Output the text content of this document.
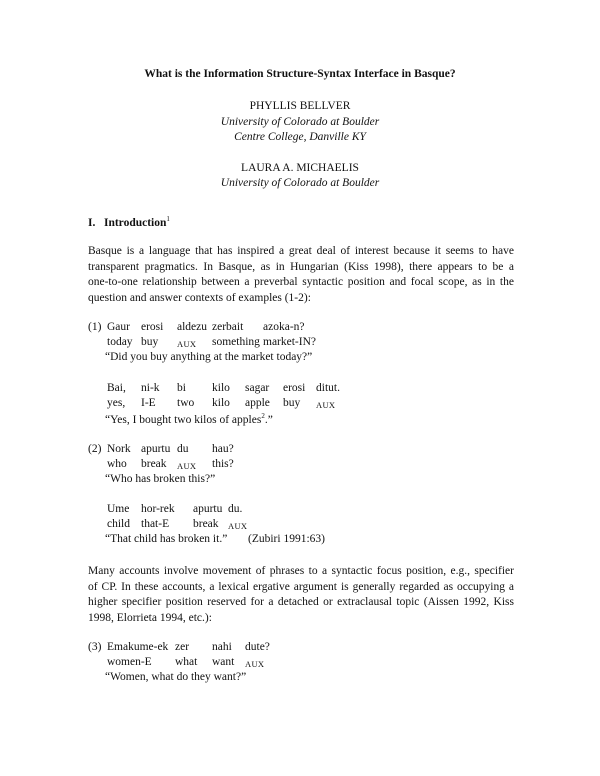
What is the Information Structure-Syntax Interface in Basque?
PHYLLIS BELLVER
University of Colorado at Boulder
Centre College, Danville KY
LAURA A. MICHAELIS
University of Colorado at Boulder
I. Introduction$^1$
Basque is a language that has inspired a great deal of interest because it seems to have
transparent pragmatics. In Basque, as in Hungarian (Kiss 1998), there appears to be a
one-to-one relationship between a preverbal syntactic position and focal scope, as in the
question and answer contexts of examples (1-2):
(1) Gaur erosi aldezu zerbait azoka-n?
today buy AUX something market-IN?
“Did you buy anything at the market today?”
Bai, ni-k bi kilo sagar erosi ditut.
yes, I-E two kilo apple buy AUX
“Yes, I bought two kilos of apples$^2$.”
(2) Nork apurtu du hau?
who break AUX this?
“Who has broken this?”
Ume hor-rek apurtu du.
child that-E break AUX
“That child has broken it.” (Zubiri 1991:63)
Many accounts involve movement of phrases to a syntactic focus position, e.g., specifier
of CP. In these accounts, a lexical ergative argument is generally regarded as occupying a
higher specifier position reserved for a detached or extraclausal topic (Aissen 1992, Kiss
1998, Elorrieta 1994, etc.):
(3) Emakume-ek zer nahi dute?
women-E what want AUX
“Women, what do they want?”
